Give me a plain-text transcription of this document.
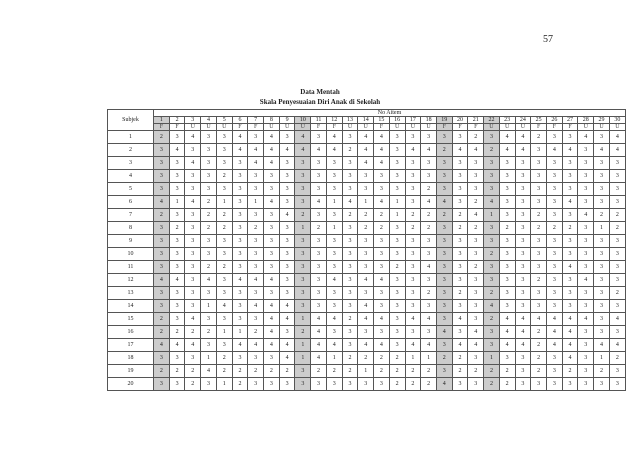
57
Data Mentah
Skala Penyesuaian Diri Anak di Sekolah
Subjek	No Aitem																													
	1	2	3	4	5	6	7	8	9	10	11	12	13	14	15	16	17	18	19	20	21	22	23	24	25	26	27	28	29	30
	F	F	U	U	U	F	F	U	U	U	F	F	U	U	F	U	U	U	F	F	F	U	U	U	F	F	F	U	U	U
1	2	3	4	3	3	4	3	4	3	4	3	4	3	4	4	3	3	3	3	3	2	3	4	4	2	3	3	4	3	4
2	3	4	3	3	3	4	4	4	4	4	4	4	2	4	4	3	4	4	2	4	4	2	4	4	3	4	4	3	4	4
3	3	3	4	3	3	3	4	4	3	3	3	3	3	4	4	3	3	3	3	3	3	3	3	3	3	3	3	3	3	3
4	3	3	3	3	2	3	3	3	3	3	3	3	3	3	3	3	3	3	3	3	3	3	3	3	3	3	3	3	3	3
5	3	3	3	3	3	3	3	3	3	3	3	3	3	3	3	3	3	2	3	3	3	3	3	3	3	3	3	3	3	3
6	4	1	4	2	1	3	1	4	3	3	4	1	4	1	4	1	3	4	4	3	2	4	3	3	3	3	4	3	3	3
7	2	3	3	2	2	3	3	3	4	2	3	3	2	2	2	1	2	2	2	2	4	1	3	3	2	3	3	4	2	2
8	3	2	3	2	2	3	2	3	3	1	2	1	3	2	2	3	2	2	3	2	2	3	2	3	2	2	2	3	1	2
9	3	3	3	3	3	3	3	3	3	3	3	3	3	3	3	3	3	3	3	3	3	3	3	3	3	3	3	3	3	3
10	3	3	3	3	3	3	3	3	3	3	3	3	3	3	3	3	3	3	3	3	3	2	3	3	3	3	3	3	3	3
11	3	3	3	2	2	3	3	3	3	3	3	3	3	3	3	2	3	4	3	3	2	3	3	3	3	3	4	3	3	3
12	4	4	3	4	3	4	4	4	3	3	3	4	3	4	4	3	3	3	3	3	3	3	3	3	2	3	3	4	3	3
13	3	3	3	3	3	3	3	3	3	3	3	3	3	3	3	3	3	2	3	2	3	2	3	3	3	3	3	3	3	2
14	3	3	3	1	4	3	4	4	4	3	3	3	3	4	3	3	3	3	3	3	3	4	3	3	3	3	3	3	3	3
15	2	3	4	3	3	3	3	4	4	1	4	4	2	4	4	3	4	4	3	4	3	2	4	4	4	4	4	4	3	4
16	2	2	2	2	1	1	2	4	3	2	4	3	3	3	3	3	3	3	4	3	4	3	4	4	2	4	4	3	3	3
17	4	4	4	3	3	4	4	4	4	1	4	4	3	4	4	3	4	4	3	4	4	3	4	4	2	4	4	3	4	4
18	3	3	3	1	2	3	3	3	4	1	4	1	2	2	2	2	1	1	2	2	3	1	3	3	2	3	4	3	1	2
19	2	2	2	4	2	2	2	2	2	3	2	2	2	1	2	2	2	2	3	2	2	2	2	3	2	3	2	3	2	3
20	3	3	2	3	1	2	3	3	3	3	3	3	3	3	3	2	2	2	4	3	3	2	2	3	3	3	3	3	3	3
